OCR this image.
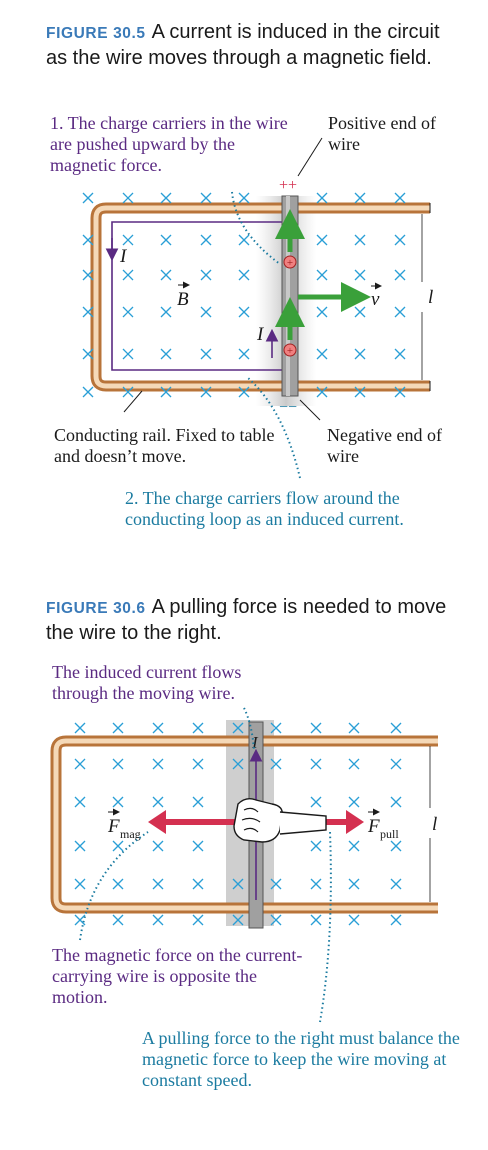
FIGURE 30.5 A current is induced in the circuit as the wire moves through a magnetic field.
1. The charge carriers in the wire are pushed upward by the magnetic force.
Positive end of wire
Conducting rail. Fixed to table and doesn’t move.
Negative end of wire
2. The charge carriers flow around the conducting loop as an induced current.
FIGURE 30.6 A pulling force is needed to move the wire to the right.
The induced current flows through the moving wire.
The magnetic force on the current-carrying wire is opposite the motion.
A pulling force to the right must balance the magnetic force to keep the wire moving at constant speed.
+
+
++
−−
I
I
B	v	l
I
F mag	F pull l
